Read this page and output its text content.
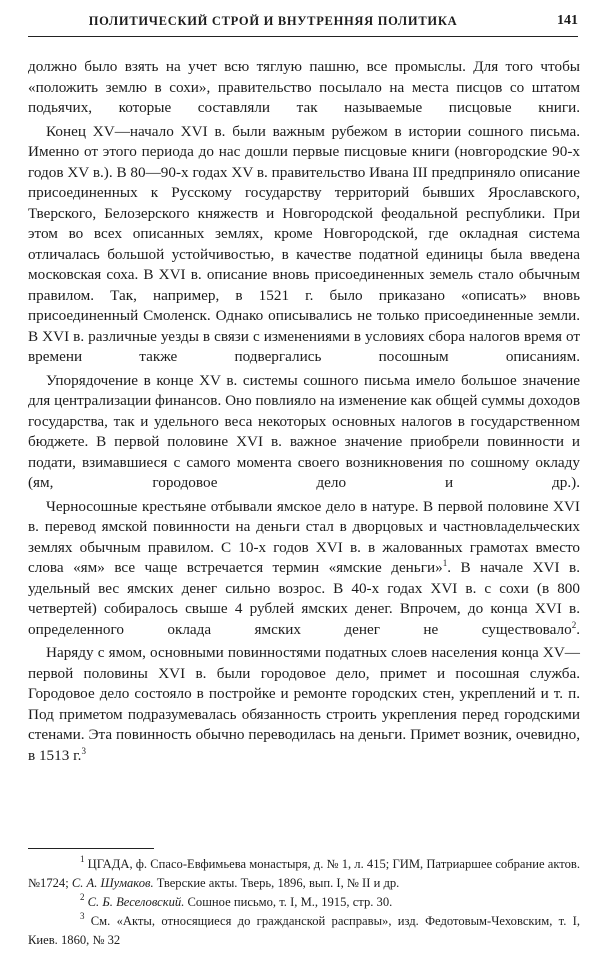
ПОЛИТИЧЕСКИЙ СТРОЙ И ВНУТРЕННЯЯ ПОЛИТИКА	141

должно было взять на учет всю тяглую пашню, все промыслы. Для того чтобы «положить землю в сохи», правительство посылало на места писцов со штатом подьячих, которые составляли так называемые писцовые книги.

Конец XV—начало XVI в. были важным рубежом в истории сошного письма. Именно от этого периода до нас дошли первые писцовые книги (новгородские 90-х годов XV в.). В 80—90-х годах XV в. правительство Ивана III предприняло описание присоединенных к Русскому государству территорий бывших Ярославского, Тверского, Белозерского княжеств и Новгородской феодальной республики. При этом во всех описанных землях, кроме Новгородской, где окладная система отличалась большой устойчивостью, в качестве податной единицы была введена московская соха. В XVI в. описание вновь присоединенных земель стало обычным правилом. Так, например, в 1521 г. было приказано «описать» вновь присоединенный Смоленск. Однако описывались не только присоединенные земли. В XVI в. различные уезды в связи с изменениями в условиях сбора налогов время от времени также подвергались посошным описаниям.

Упорядочение в конце XV в. системы сошного письма имело большое значение для централизации финансов. Оно повлияло на изменение как общей суммы доходов государства, так и удельного веса некоторых основных налогов в государственном бюджете. В первой половине XVI в. важное значение приобрели повинности и подати, взимавшиеся с самого момента своего возникновения по сошному окладу (ям, городовое дело и др.).

Черносошные крестьяне отбывали ямское дело в натуре. В первой половине XVI в. перевод ямской повинности на деньги стал в дворцовых и частновладельческих землях обычным правилом. С 10-х годов XVI в. в жалованных грамотах вместо слова «ям» все чаще встречается термин «ямские деньги»$^1$. В начале XVI в. удельный вес ямских денег сильно возрос. В 40-х годах XVI в. с сохи (в 800 четвертей) собиралось свыше 4 рублей ямских денег. Впрочем, до конца XVI в. определенного оклада ямских денег не существовало$^2$.

Наряду с ямом, основными повинностями податных слоев населения конца XV—первой половины XVI в. были городовое дело, примет и посошная служба. Городовое дело состояло в постройке и ремонте городских стен, укреплений и т. п. Под приметом подразумевалась обязанность строить укрепления перед городскими стенами. Эта повинность обычно переводилась на деньги. Примет возник, очевидно, в 1513 г.$^3$

$^1$ ЦГАДА, ф. Спасо-Евфимьева монастыря, д. № 1, л. 415; ГИМ, Патриаршее собрание актов. №1724; С. А. Шумаков. Тверские акты. Тверь, 1896, вып. I, № II и др.

$^2$ С. Б. Веселовский. Сошное письмо, т. I, М., 1915, стр. 30.

$^3$ См. «Акты, относящиеся до гражданской расправы», изд. Федотовым-Чеховским, т. I, Киев. 1860, № 32
